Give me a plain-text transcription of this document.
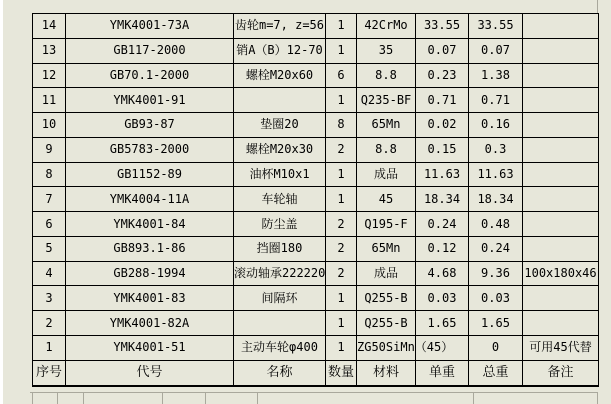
14	YMK4001-73A	齿轮m=7, z=56	1	42CrMo	33.55	33.55	
13	GB117-2000	销A（B）12-70	1	35	0.07	0.07	
12	GB70.1-2000	螺栓M20x60	6	8.8	0.23	1.38	
11	YMK4001-91		1	Q235-BF	0.71	0.71	
10	GB93-87	垫圈20	8	65Mn	0.02	0.16	
9	GB5783-2000	螺栓M20x30	2	8.8	0.15	0.3	
8	GB1152-89	油杯M10x1	1	成品	11.63	11.63	
7	YMK4004-11A	车轮轴	1	45	18.34	18.34	
6	YMK4001-84	防尘盖	2	Q195-F	0.24	0.48	
5	GB893.1-86	挡圈180	2	65Mn	0.12	0.24	
4	GB288-1994	滚动轴承222220	2	成品	4.68	9.36	100x180x46
3	YMK4001-83	间隔环	1	Q255-B	0.03	0.03	
2	YMK4001-82A		1	Q255-B	1.65	1.65	
1	YMK4001-51	主动车轮φ400	1	ZG50SiMn（45）		0	可用45代替
序号	代号	名称	数量	材料	单重	总重	备注
